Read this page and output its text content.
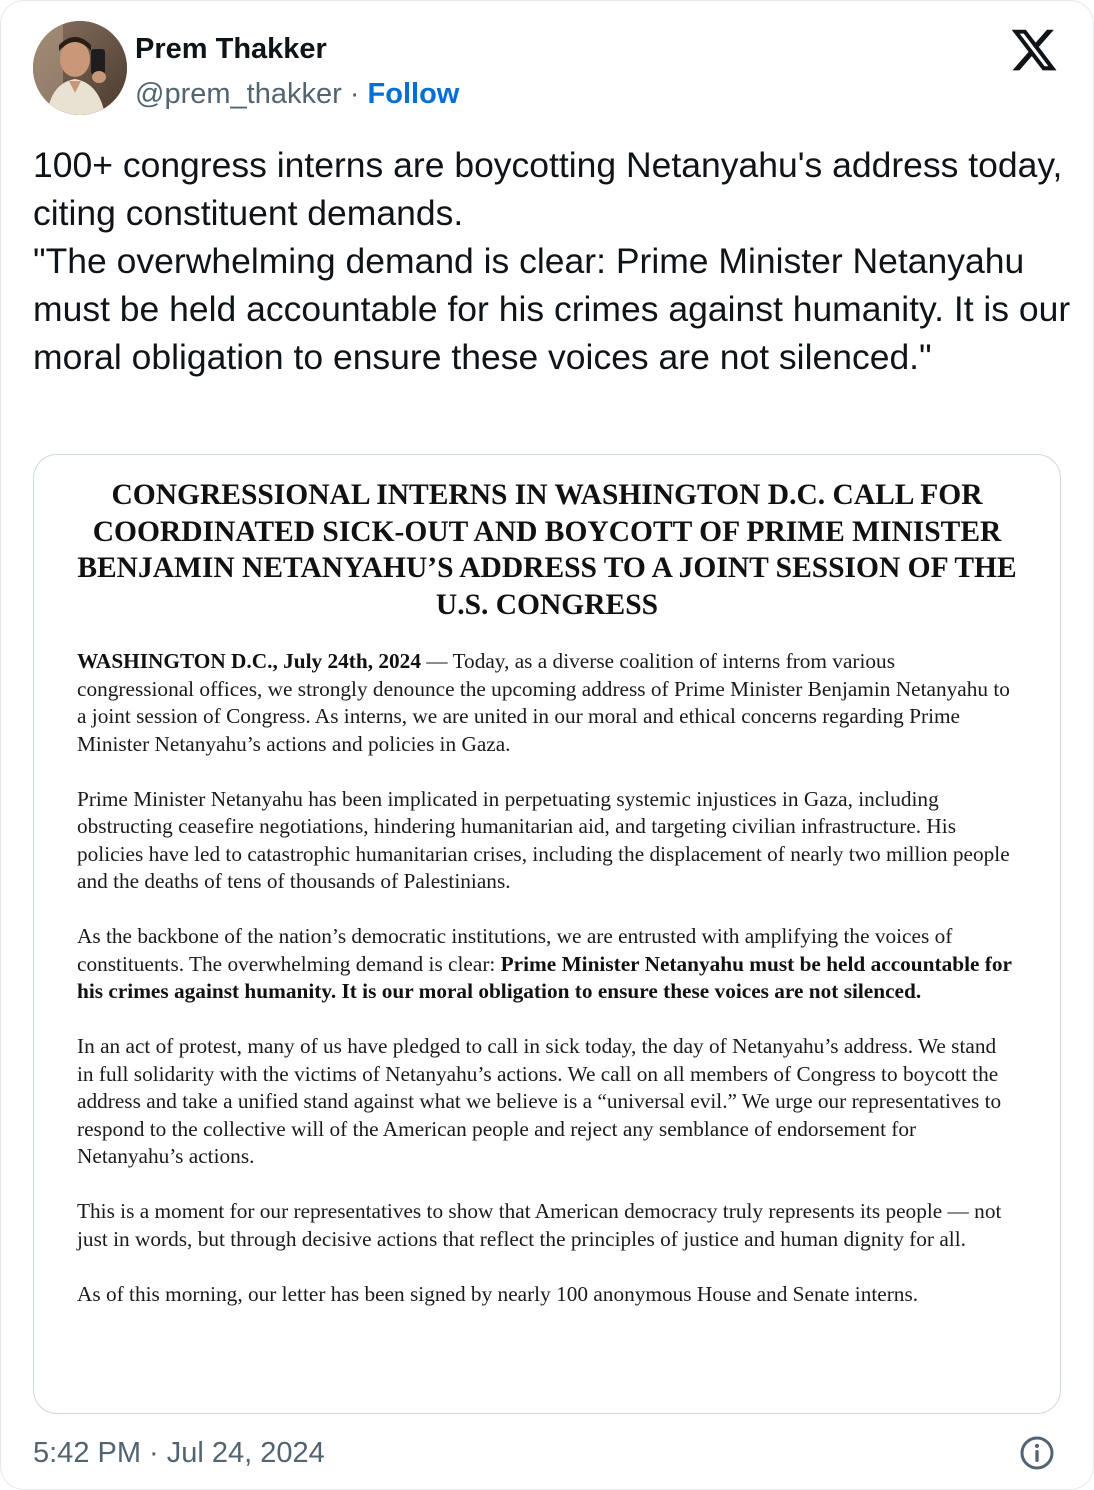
Prem Thakker
@prem_thakker · Follow
100+ congress interns are boycotting Netanyahu's address today, citing constituent demands.
"The overwhelming demand is clear: Prime Minister Netanyahu must be held accountable for his crimes against humanity. It is our moral obligation to ensure these voices are not silenced."
CONGRESSIONAL INTERNS IN WASHINGTON D.C. CALL FOR COORDINATED SICK-OUT AND BOYCOTT OF PRIME MINISTER BENJAMIN NETANYAHU’S ADDRESS TO A JOINT SESSION OF THE U.S. CONGRESS

WASHINGTON D.C., July 24th, 2024 — Today, as a diverse coalition of interns from various congressional offices, we strongly denounce the upcoming address of Prime Minister Benjamin Netanyahu to a joint session of Congress. As interns, we are united in our moral and ethical concerns regarding Prime Minister Netanyahu’s actions and policies in Gaza.

Prime Minister Netanyahu has been implicated in perpetuating systemic injustices in Gaza, including obstructing ceasefire negotiations, hindering humanitarian aid, and targeting civilian infrastructure. His policies have led to catastrophic humanitarian crises, including the displacement of nearly two million people and the deaths of tens of thousands of Palestinians.

As the backbone of the nation’s democratic institutions, we are entrusted with amplifying the voices of constituents. The overwhelming demand is clear: Prime Minister Netanyahu must be held accountable for his crimes against humanity. It is our moral obligation to ensure these voices are not silenced.

In an act of protest, many of us have pledged to call in sick today, the day of Netanyahu’s address. We stand in full solidarity with the victims of Netanyahu’s actions. We call on all members of Congress to boycott the address and take a unified stand against what we believe is a “universal evil.” We urge our representatives to respond to the collective will of the American people and reject any semblance of endorsement for Netanyahu’s actions.

This is a moment for our representatives to show that American democracy truly represents its people — not just in words, but through decisive actions that reflect the principles of justice and human dignity for all.

As of this morning, our letter has been signed by nearly 100 anonymous House and Senate interns.

5:42 PM · Jul 24, 2024
